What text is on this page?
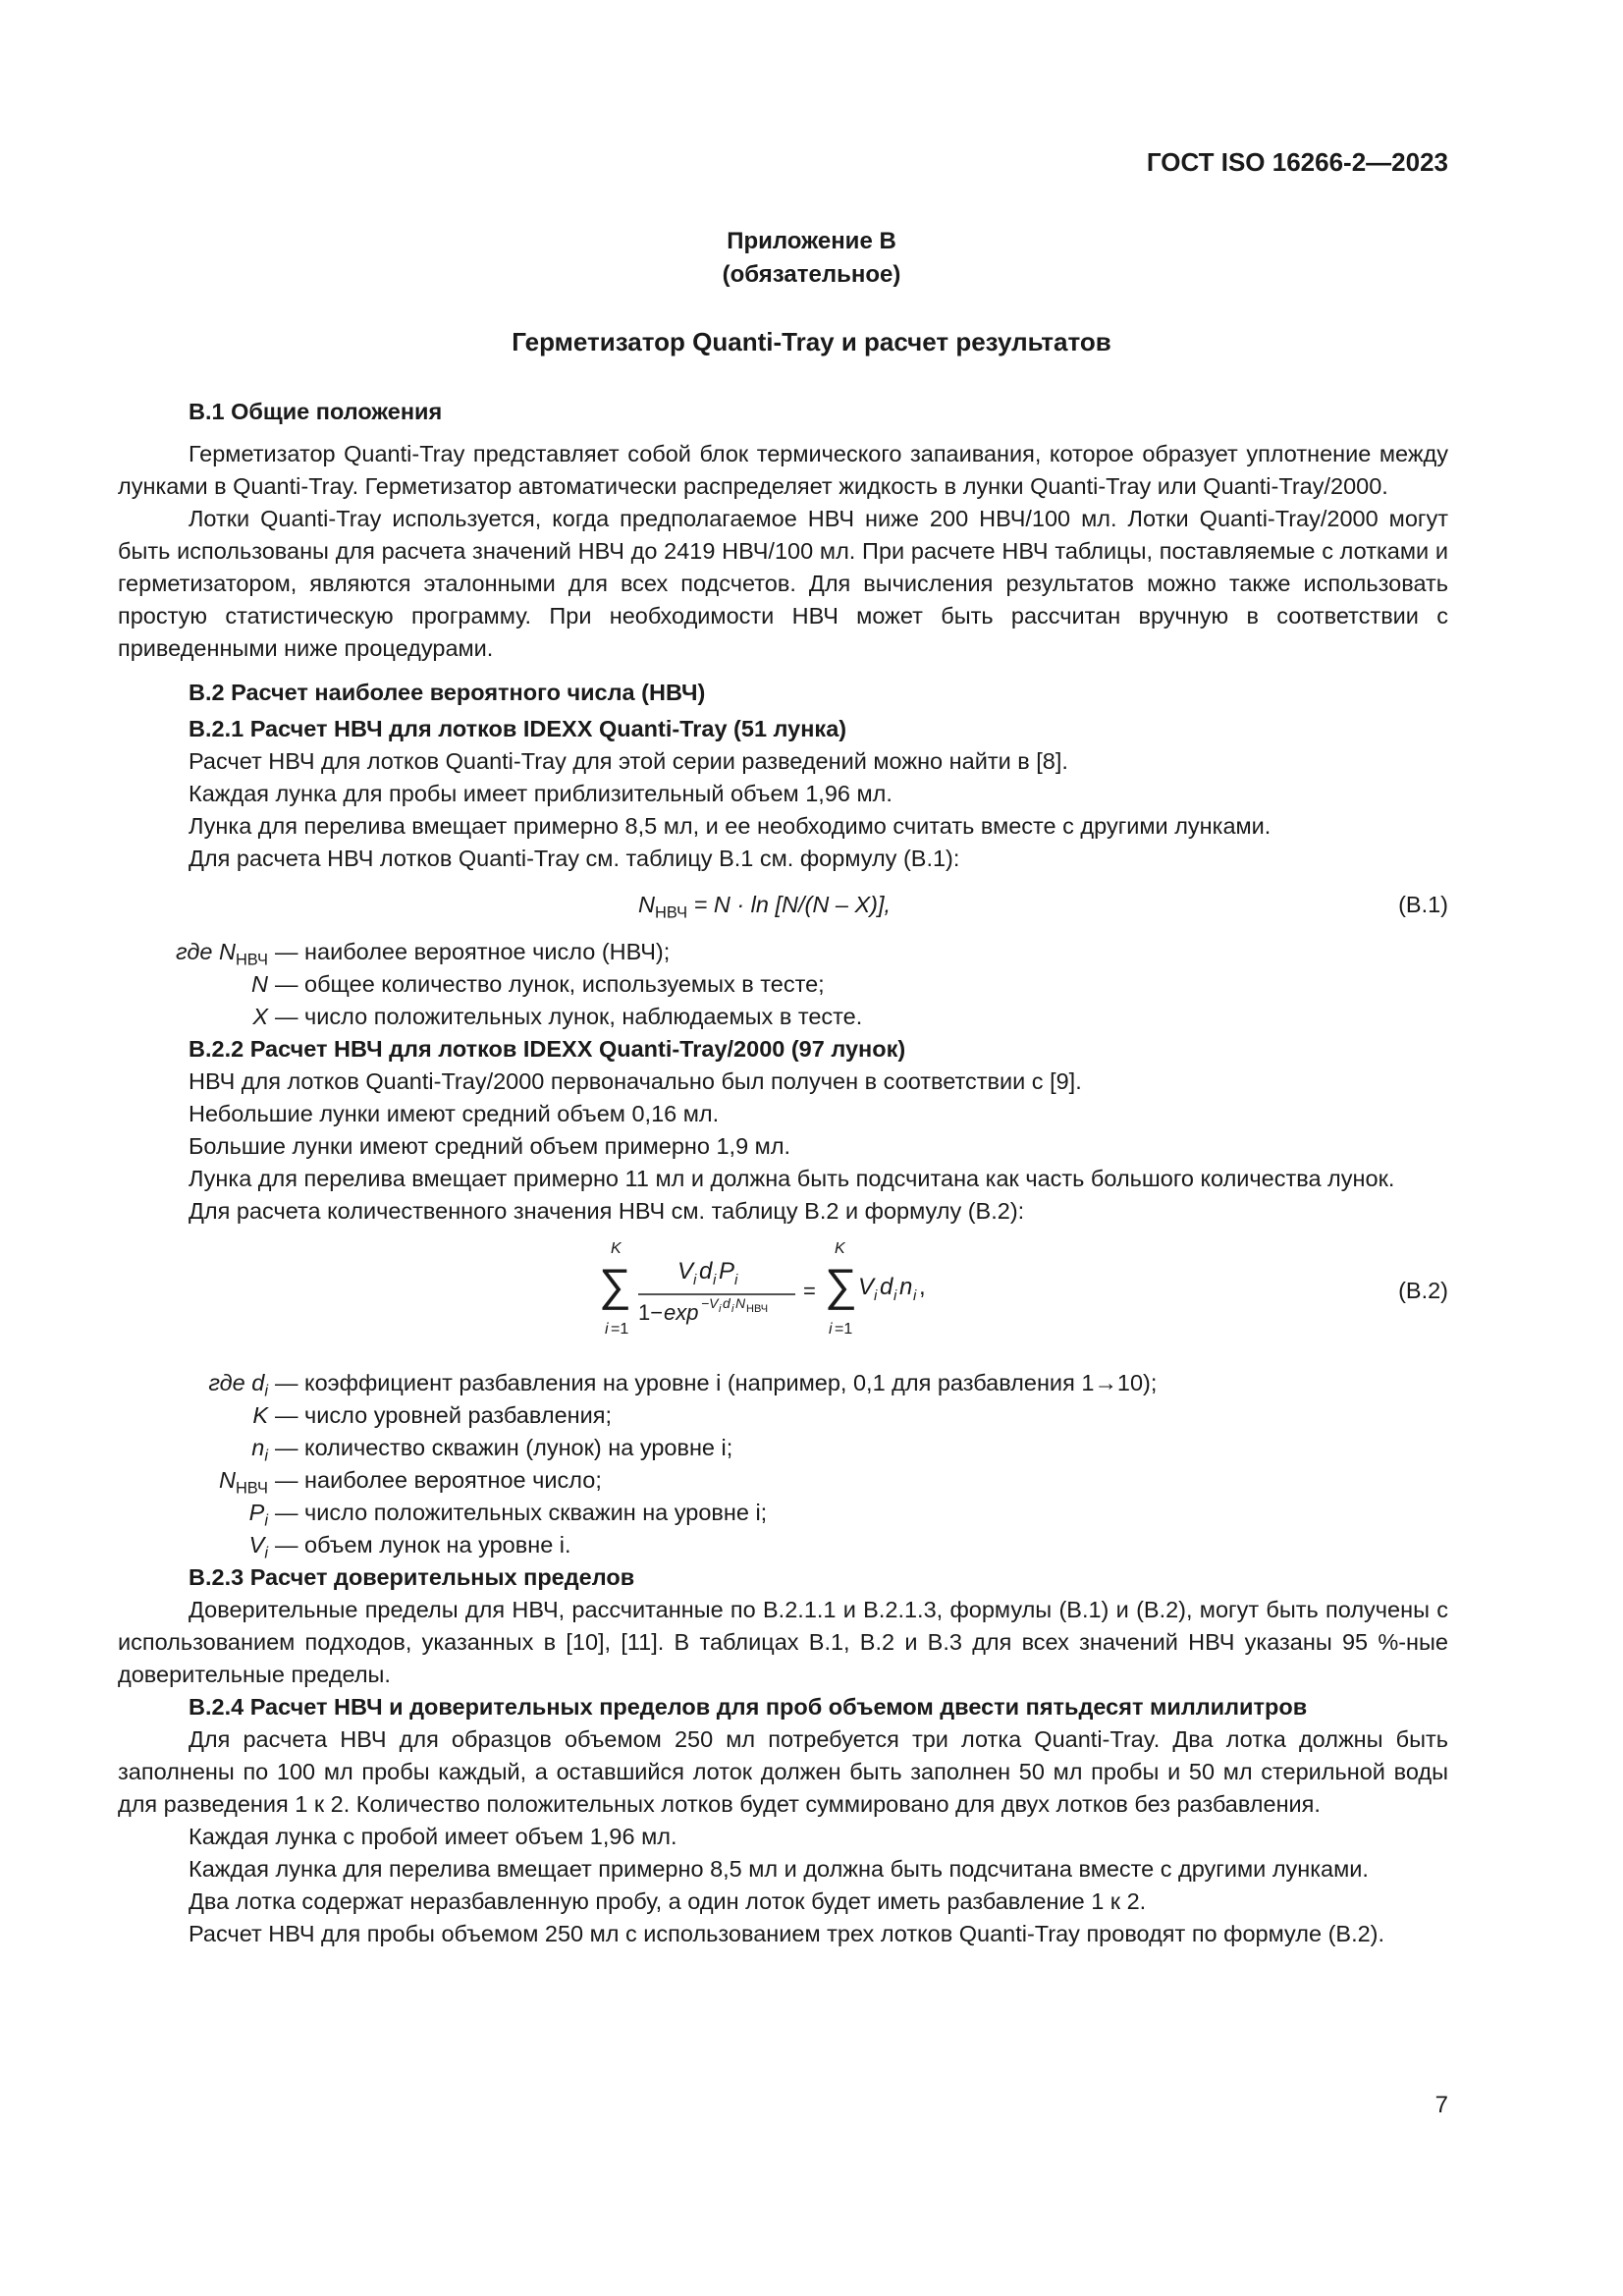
ГОСТ ISO 16266-2—2023
Приложение В
(обязательное)
Герметизатор Quanti-Tray и расчет результатов

В.1 Общие положения

Герметизатор Quanti-Tray представляет собой блок термического запаивания, которое образует уплотнение между лунками в Quanti-Tray. Герметизатор автоматически распределяет жидкость в лунки Quanti-Tray или Quanti-Tray/2000.

Лотки Quanti-Tray используется, когда предполагаемое НВЧ ниже 200 НВЧ/100 мл. Лотки Quanti-Tray/2000 могут быть использованы для расчета значений НВЧ до 2419 НВЧ/100 мл. При расчете НВЧ таблицы, поставляемые с лотками и герметизатором, являются эталонными для всех подсчетов. Для вычисления результатов можно также использовать простую статистическую программу. При необходимости НВЧ может быть рассчитан вручную в соответствии с приведенными ниже процедурами.

В.2 Расчет наиболее вероятного числа (НВЧ)

В.2.1 Расчет НВЧ для лотков IDEXX Quanti-Tray (51 лунка)

Расчет НВЧ для лотков Quanti-Tray для этой серии разведений можно найти в [8].

Каждая лунка для пробы имеет приблизительный объем 1,96 мл.

Лунка для перелива вмещает примерно 8,5 мл, и ее необходимо считать вместе с другими лунками.

Для расчета НВЧ лотков Quanti-Tray см. таблицу В.1 см. формулу (В.1):

$N_{НВЧ} = N \cdot \ln [N/(N - X)]$,	(В.1)
где $N_{НВЧ}$ — наиболее вероятное число (НВЧ);
N — общее количество лунок, используемых в тесте;
X — число положительных лунок, наблюдаемых в тесте.

В.2.2 Расчет НВЧ для лотков IDEXX Quanti-Tray/2000 (97 лунок)

НВЧ для лотков Quanti-Tray/2000 первоначально был получен в соответствии с [9].

Небольшие лунки имеют средний объем 0,16 мл.

Большие лунки имеют средний объем примерно 1,9 мл.

Лунка для перелива вмещает примерно 11 мл и должна быть подсчитана как часть большого количества лунок.

Для расчета количественного значения НВЧ см. таблицу В.2 и формулу (В.2):

K
∑
i =1
V i d i P i
1− exp −V i d i N НВЧ
=
K
∑
i =1
V i d i n i ,	(В.2)
где $d_i$ — коэффициент разбавления на уровне i (например, 0,1 для разбавления 1→10);
K — число уровней разбавления;
$n_i$ — количество скважин (лунок) на уровне i;
$N_{НВЧ}$ — наиболее вероятное число;
$P_i$ — число положительных скважин на уровне i;
$V_i$ — объем лунок на уровне i.

В.2.3 Расчет доверительных пределов

Доверительные пределы для НВЧ, рассчитанные по В.2.1.1 и В.2.1.3, формулы (В.1) и (В.2), могут быть получены с использованием подходов, указанных в [10], [11]. В таблицах В.1, В.2 и В.3 для всех значений НВЧ указаны 95 %-ные доверительные пределы.

В.2.4 Расчет НВЧ и доверительных пределов для проб объемом двести пятьдесят миллилитров

Для расчета НВЧ для образцов объемом 250 мл потребуется три лотка Quanti-Tray. Два лотка должны быть заполнены по 100 мл пробы каждый, а оставшийся лоток должен быть заполнен 50 мл пробы и 50 мл стерильной воды для разведения 1 к 2. Количество положительных лотков будет суммировано для двух лотков без разбавления.

Каждая лунка с пробой имеет объем 1,96 мл.

Каждая лунка для перелива вмещает примерно 8,5 мл и должна быть подсчитана вместе с другими лунками.

Два лотка содержат неразбавленную пробу, а один лоток будет иметь разбавление 1 к 2.

Расчет НВЧ для пробы объемом 250 мл с использованием трех лотков Quanti-Tray проводят по формуле (В.2).

7
